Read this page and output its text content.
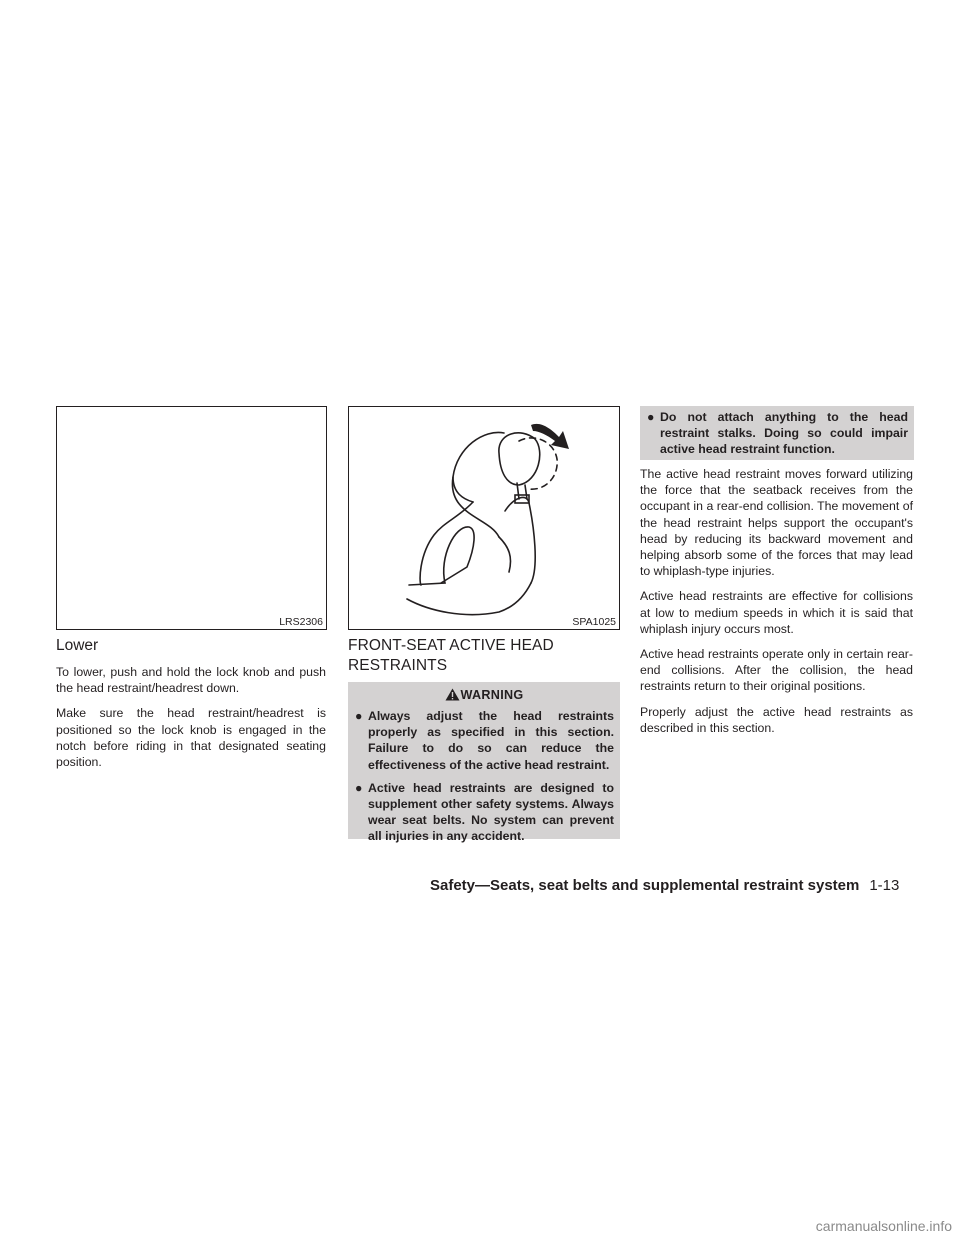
LRS2306
Lower

To lower, push and hold the lock knob and push the head restraint/headrest down.

Make sure the head restraint/headrest is positioned so the lock knob is engaged in the notch before riding in that designated seating position.

SPA1025
FRONT-SEAT ACTIVE HEAD
RESTRAINTS
WARNING
● Always adjust the head restraints properly as specified in this section. Failure to do so can reduce the effectiveness of the active head restraint.
● Active head restraints are designed to supplement other safety systems. Always wear seat belts. No system can prevent all injuries in any accident.
● Do not attach anything to the head restraint stalks. Doing so could impair active head restraint function.

The active head restraint moves forward utilizing the force that the seatback receives from the occupant in a rear-end collision. The movement of the head restraint helps support the occupant's head by reducing its backward movement and helping absorb some of the forces that may lead to whiplash-type injuries.

Active head restraints are effective for collisions at low to medium speeds in which it is said that whiplash injury occurs most.

Active head restraints operate only in certain rear-end collisions. After the collision, the head restraints return to their original positions.

Properly adjust the active head restraints as described in this section.

Safety—Seats, seat belts and supplemental restraint system 1-13
carmanualsonline.info
